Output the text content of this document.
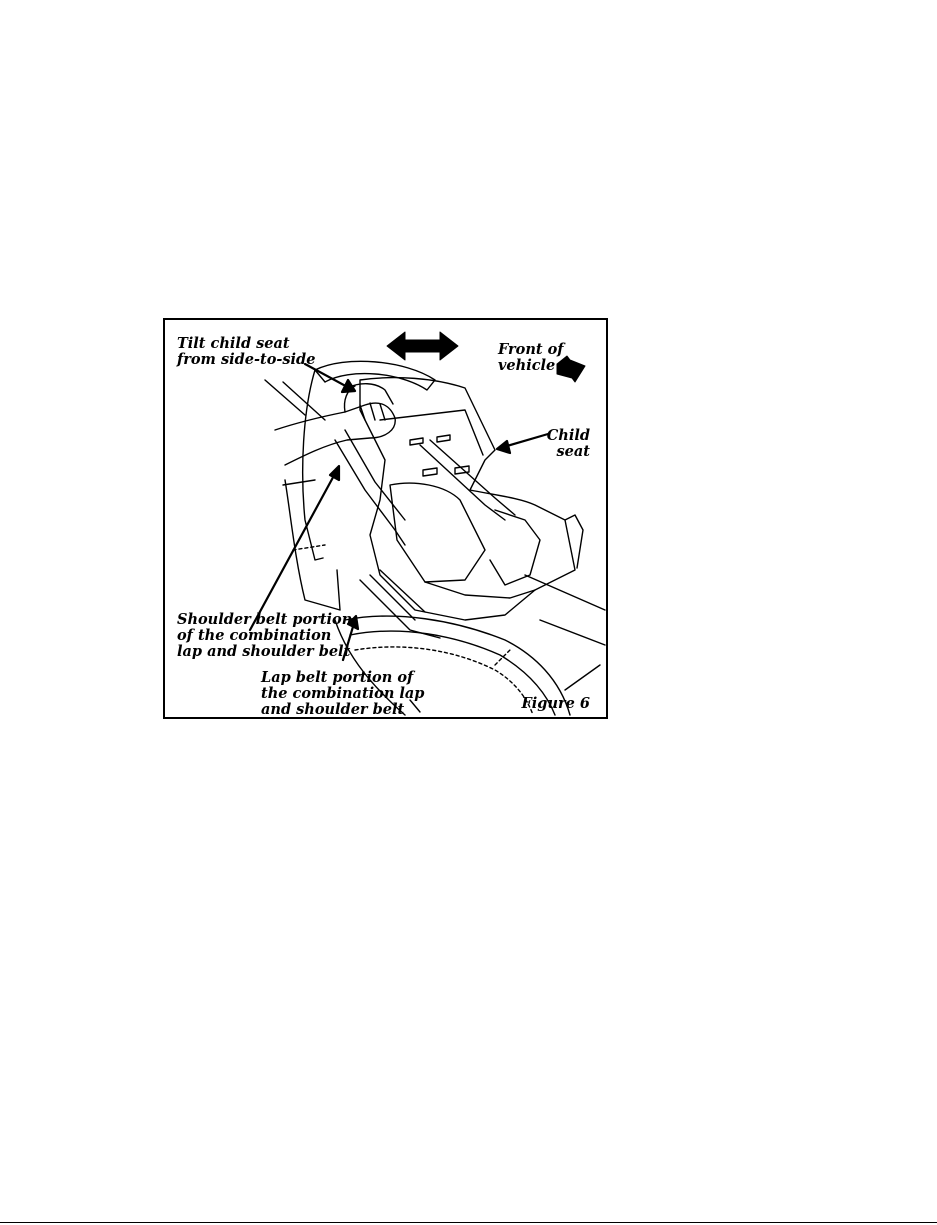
Tilt child seat
from side-to-side
Front of
vehicle
Child
seat
Shoulder belt portion
of the combination
lap and shoulder belt
Lap belt portion of
the combination lap
and shoulder belt	Figure 6
